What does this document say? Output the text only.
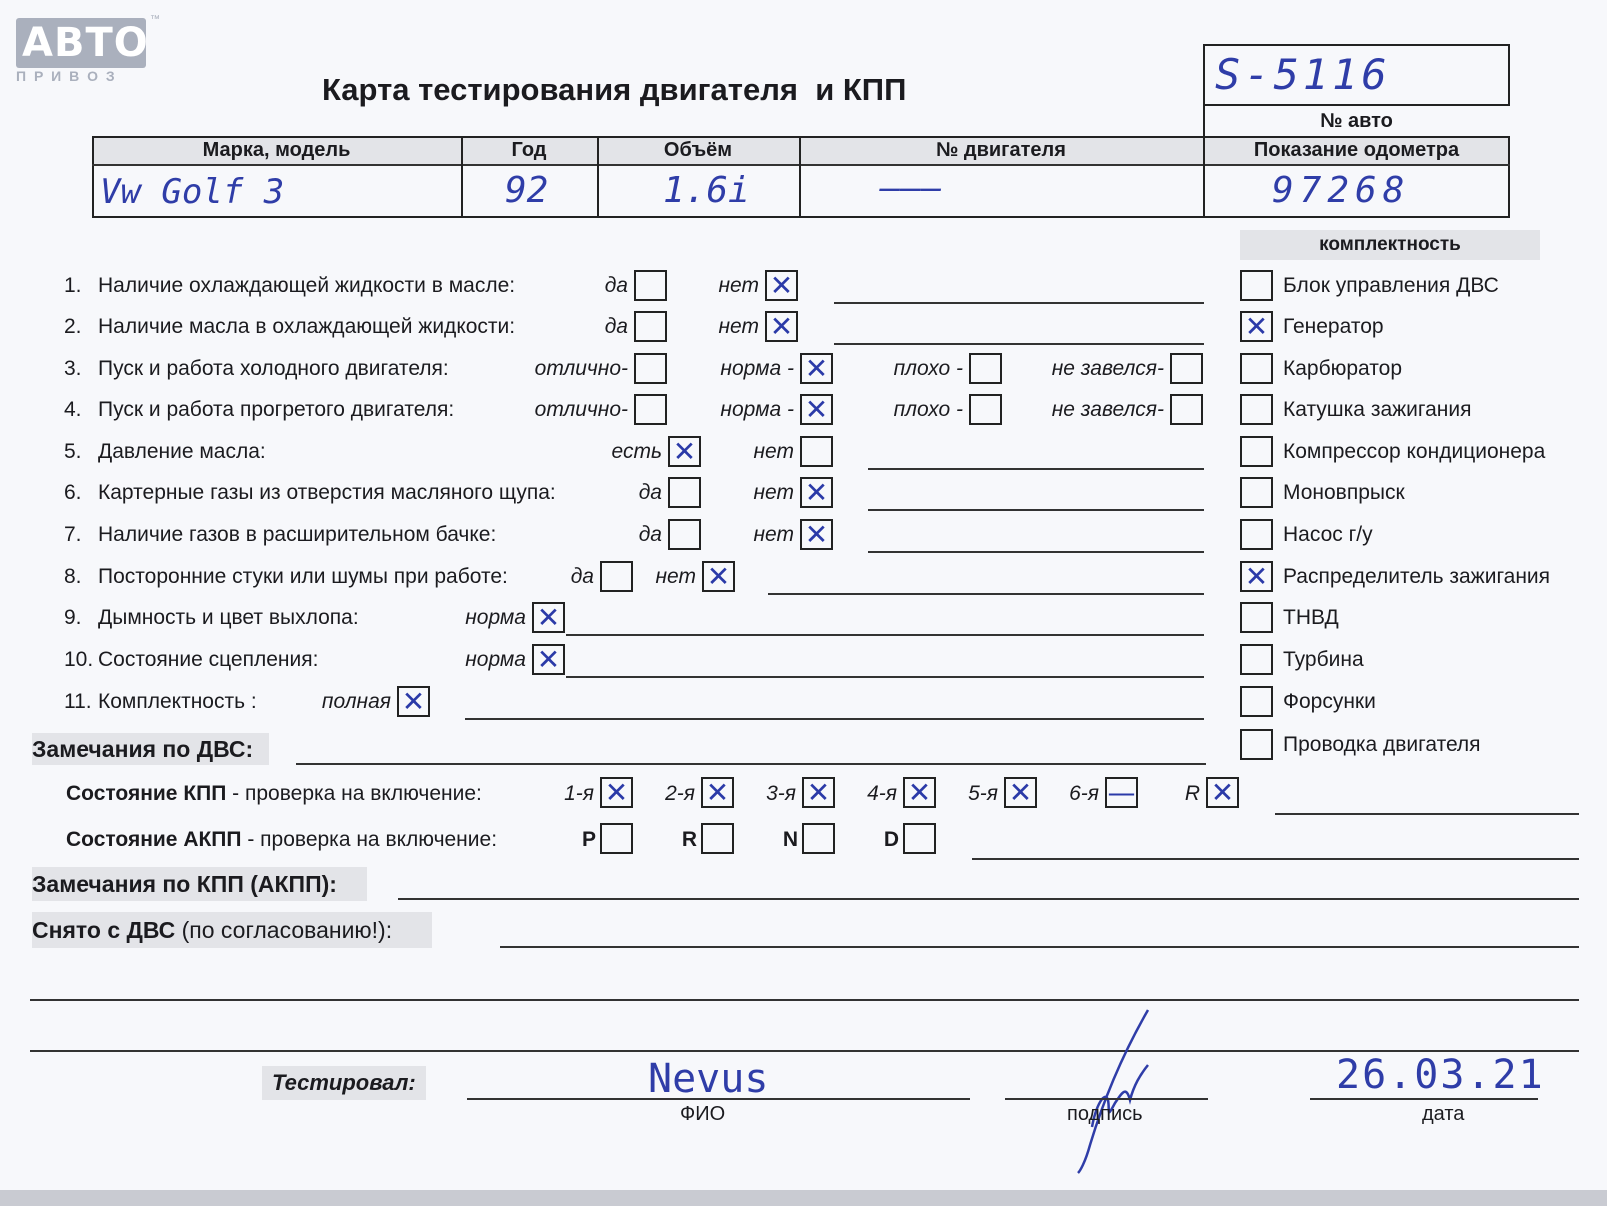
АВТО
П Р И В О З
™
Карта тестирования двигателя  и КПП	S-5116
№ авто
Марка, модель	Год	Объём	№ двигателя	Показание одометра
Vw Golf 3	92	1.6i	———	97268
комплектность
Блок управления ДВС
✕ Генератор
Карбюратор
Катушка зажигания
Компрессор кондиционера
Моновпрыск
Насос г/у
✕ Распределитель зажигания
ТНВД
Турбина
Форсунки
Проводка двигателя
1. Наличие охлаждающей жидкости в масле:	да	нет ✕
2. Наличие масла в охлаждающей жидкости:	да	нет ✕
3. Пуск и работа холодного двигателя:	отлично-	норма - ✕	плохо -	не завелся-
4. Пуск и работа прогретого двигателя:	отлично-	норма - ✕	плохо -	не завелся-
5. Давление масла:	есть ✕	нет
6. Картерные газы из отверстия масляного щупа:	да	нет ✕
7. Наличие газов в расширительном бачке:	да	нет ✕
8. Посторонние стуки или шумы при работе:	да	нет ✕
9. Дымность и цвет выхлопа:	норма ✕
10. Состояние сцепления:	норма ✕
11. Комплектность :	полная ✕
Замечания по ДВС:
Состояние КПП - проверка на включение:	1-я ✕ 2-я ✕ 3-я ✕ 4-я ✕ 5-я ✕ 6-я — R ✕
Состояние АКПП - проверка на включение:	P	R	N	D
Замечания по КПП (АКПП):
Снято с ДВС (по согласованию!):
Тестировал:	Nevus
ФИО	подпись
26.03.21
дата
